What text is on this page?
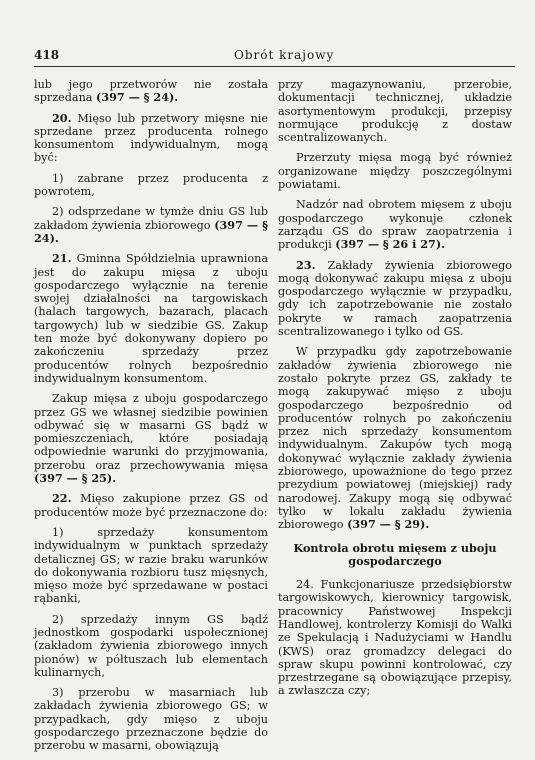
418	Obrót krajowy

lub jego przetworów nie została sprzedana (397 — § 24).

20. Mięso lub przetwory mięsne nie sprzedane przez producenta rolnego konsumentom indywidualnym, mogą być:

1) zabrane przez producenta z powrotem,
2) odsprzedane w tymże dniu GS lub zakładom żywienia zbiorowego (397 — § 24).

21. Gminna Spółdzielnia uprawniona jest do zakupu mięsa z uboju gospodarczego wyłącznie na terenie swojej działalności na targowiskach (halach targowych, bazarach, placach targowych) lub w siedzibie GS. Zakup ten może być dokonywany dopiero po zakończeniu sprzedaży przez producentów rolnych bezpośrednio indywidualnym konsumentom.

Zakup mięsa z uboju gospodarczego przez GS we własnej siedzibie powinien odbywać się w masarni GS bądź w pomieszczeniach, które posiadają odpowiednie warunki do przyjmowania, przerobu oraz przechowywania mięsa (397 — § 25).

22. Mięso zakupione przez GS od producentów może być przeznaczone do:

1) sprzedaży konsumentom indywidualnym w punktach sprzedaży detalicznej GS; w razie braku warunków do dokonywania rozbioru tusz mięsnych, mięso może być sprzedawane w postaci rąbanki,
2) sprzedaży innym GS bądź jednostkom gospodarki uspołecznionej (zakładom żywienia zbiorowego innych pionów) w półtuszach lub elementach kulinarnych,
3) przerobu w masarniach lub zakładach żywienia zbiorowego GS; w przypadkach, gdy mięso z uboju gospodarczego przeznaczone będzie do przerobu w masarni, obowiązują

przy magazynowaniu, przerobie, dokumentacji technicznej, układzie asortymentowym produkcji, przepisy normujące produkcję z dostaw scentralizowanych.

Przerzuty mięsa mogą być również organizowane między poszczególnymi powiatami.

Nadzór nad obrotem mięsem z uboju gospodarczego wykonuje członek zarządu GS do spraw zaopatrzenia i produkcji (397 — § 26 i 27).

23. Zakłady żywienia zbiorowego mogą dokonywać zakupu mięsa z uboju gospodarczego wyłącznie w przypadku, gdy ich zapotrzebowanie nie zostało pokryte w ramach zaopatrzenia scentralizowanego i tylko od GS.

W przypadku gdy zapotrzebowanie zakładów żywienia zbiorowego nie zostało pokryte przez GS, zakłady te mogą zakupywać mięso z uboju gospodarczego bezpośrednio od producentów rolnych po zakończeniu przez nich sprzedaży konsumentom indywidualnym. Zakupów tych mogą dokonywać wyłącznie zakłady żywienia zbiorowego, upoważnione do tego przez prezydium powiatowej (miejskiej) rady narodowej. Zakupy mogą się odbywać tylko w lokalu zakładu żywienia zbiorowego (397 — § 29).

Kontrola obrotu mięsem z uboju gospodarczego

24. Funkcjonariusze przedsiębiorstw targowiskowych, kierownicy targowisk, pracownicy Państwowej Inspekcji Handlowej, kontrolerzy Komisji do Walki ze Spekulacją i Nadużyciami w Handlu (KWS) oraz gromadzcy delegaci do spraw skupu powinni kontrolować, czy przestrzegane są obowiązujące przepisy, a zwłaszcza czy;
